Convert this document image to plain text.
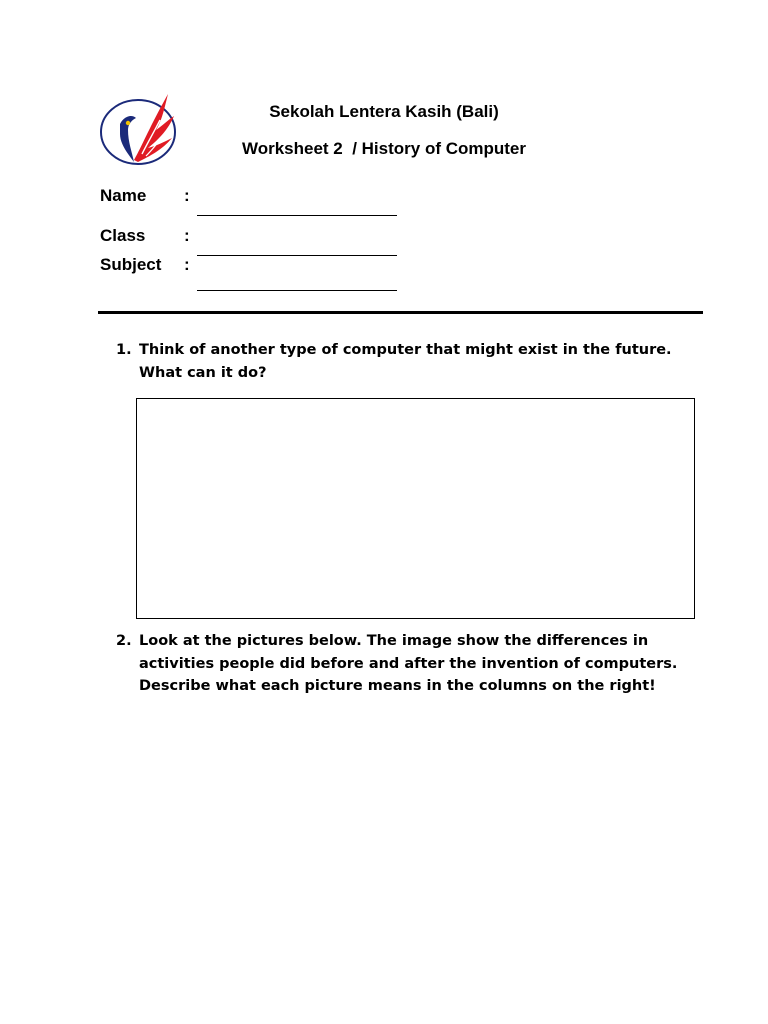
Sekolah Lentera Kasih (Bali)
Worksheet 2  / History of Computer
Name :
Class :
Subject :
1. Think of another type of computer that might exist in the future. What can it do?
2. Look at the pictures below. The image show the differences in activities people did before and after the invention of computers. Describe what each picture means in the columns on the right!
